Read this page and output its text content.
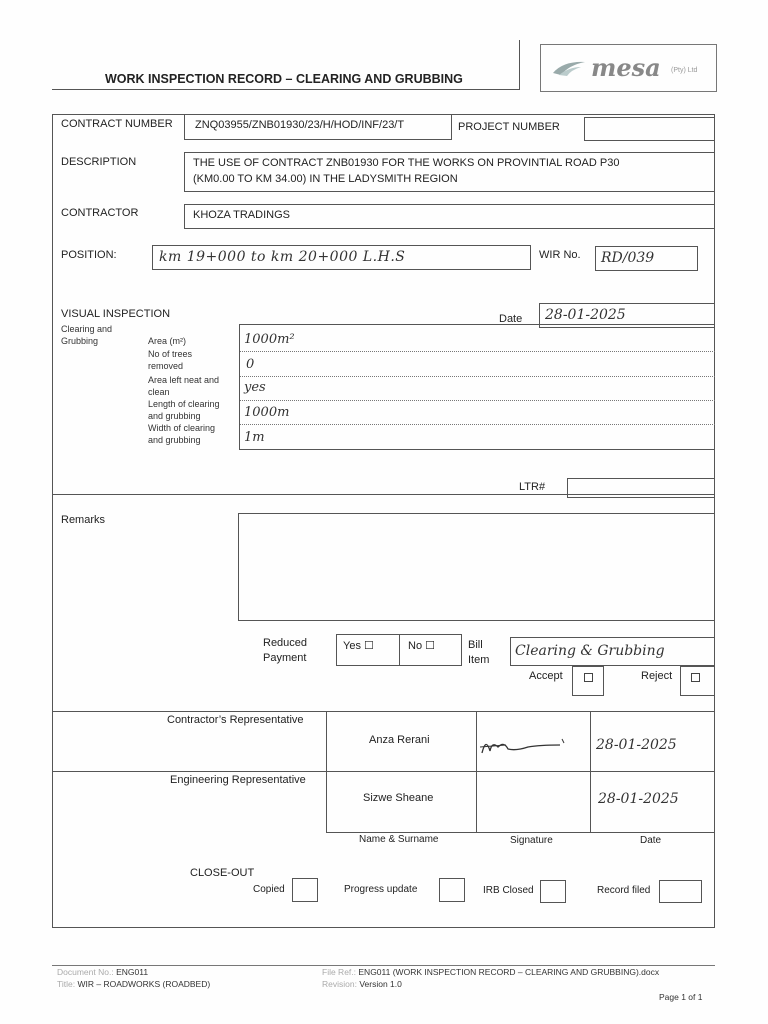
WORK INSPECTION RECORD – CLEARING AND GRUBBING	mesa (Pty) Ltd
CONTRACT NUMBER ZNQ03955/ZNB01930/23/H/HOD/INF/23/T	PROJECT NUMBER
DESCRIPTION	THE USE OF CONTRACT ZNB01930 FOR THE WORKS ON PROVINTIAL ROAD P30
(KM0.00 TO KM 34.00) IN THE LADYSMITH REGION
CONTRACTOR	KHOZA TRADINGS
POSITION:	km 19+000 to km 20+000 L.H.S	WIR No. RD/039
VISUAL INSPECTION
Clearing and
Grubbing
Date 28-01-2025
Area (m²)	1000m²
No of trees
removed	0
Area left neat and
clean	yes
Length of clearing
and grubbing	1000m
Width of clearing
and grubbing	1m
LTR#
Remarks
Reduced
Payment
Yes ☐	No ☐	Bill
Item
Clearing & Grubbing
Accept	Reject
Contractor’s Representative
Anza Rerani	28-01-2025
Engineering Representative
Sizwe Sheane	28-01-2025
Name & Surname	Signature	Date
CLOSE-OUT
Copied	Progress update	IRB Closed	Record filed
Document No.: ENG011
Title: WIR – ROADWORKS (ROADBED)
File Ref.: ENG011 (WORK INSPECTION RECORD – CLEARING AND GRUBBING).docx
Revision: Version 1.0
Page 1 of 1
